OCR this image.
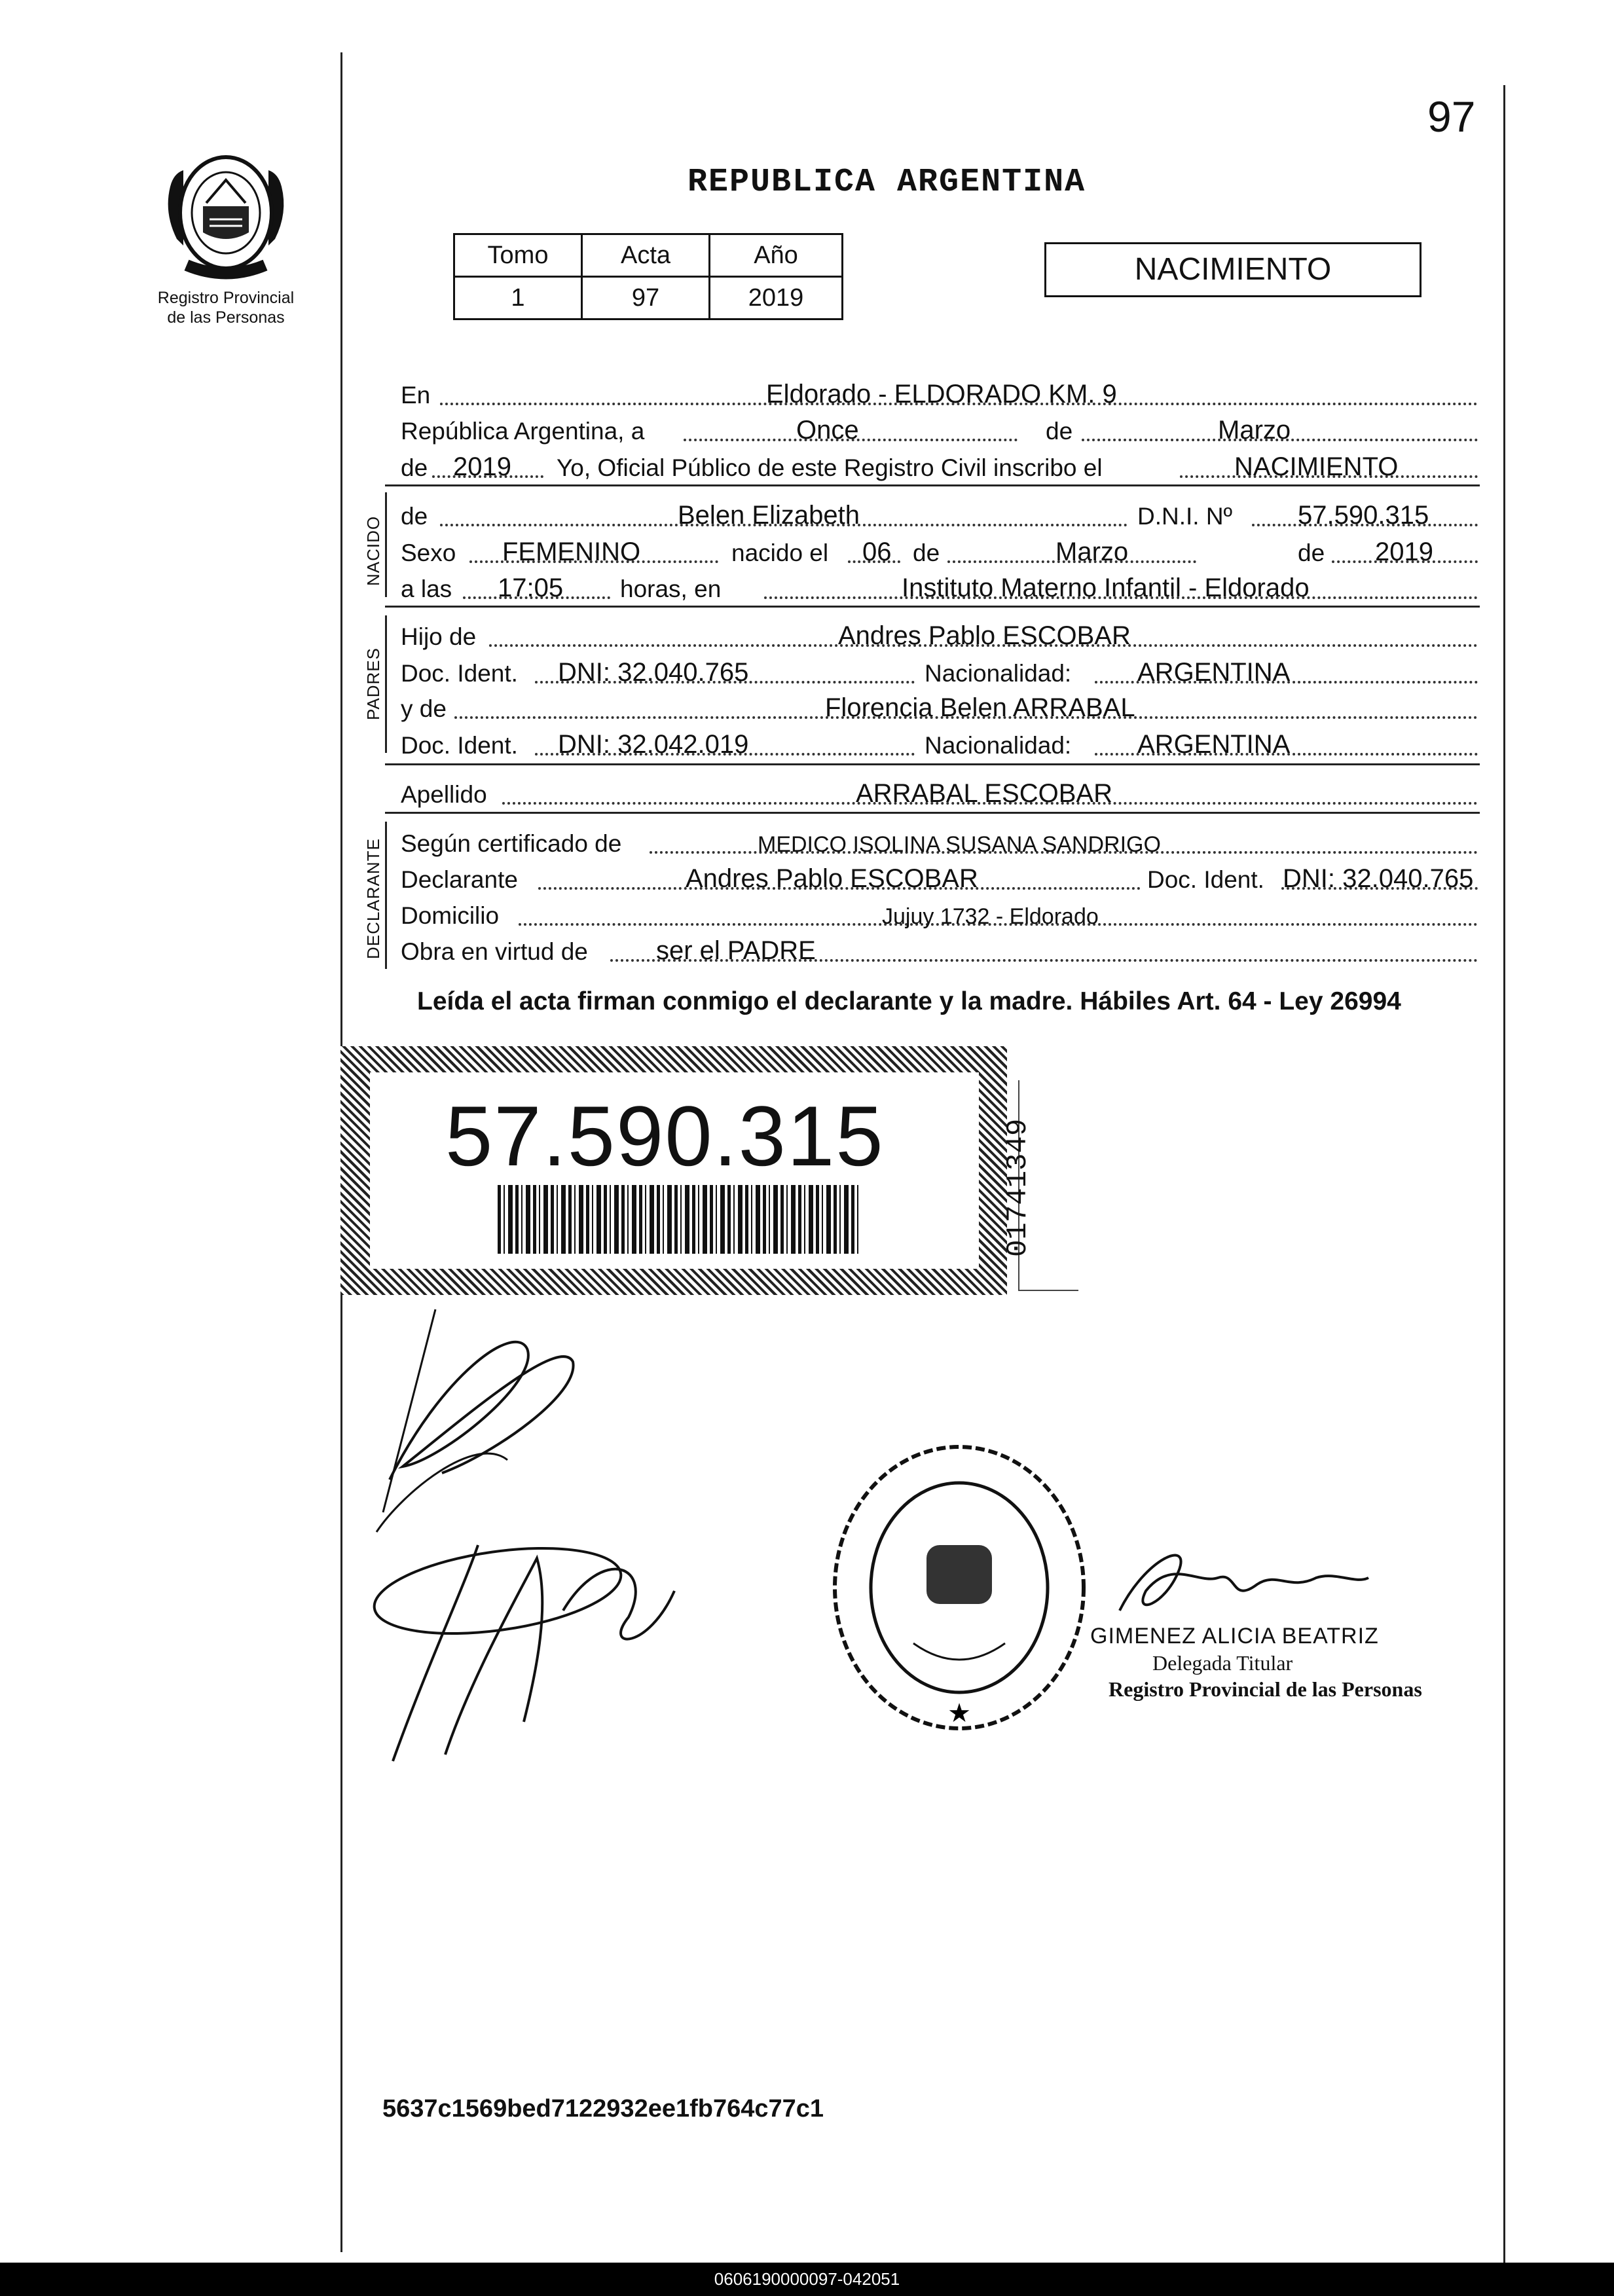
97
Registro Provincial
de las Personas
REPUBLICA ARGENTINA
Tomo	Acta	Año
1	97	2019
NACIMIENTO
En	Eldorado - ELDORADO KM. 9
República Argentina, a	Once	de	Marzo
de 2019 Yo, Oficial Público de este Registro Civil inscribo el	NACIMIENTO
NACIDO de	Belen Elizabeth	D.N.I. Nº 57.590.315
Sexo FEMENINO	nacido el 06 de	Marzo	de 2019
a las 17:05 horas, en	Instituto Materno Infantil - Eldorado
PADRES
Hijo de	Andres Pablo ESCOBAR
Doc. Ident. DNI: 32.040.765	Nacionalidad:	ARGENTINA
y de	Florencia Belen ARRABAL
Doc. Ident. DNI: 32.042.019	Nacionalidad:	ARGENTINA
Apellido	ARRABAL ESCOBAR
DECLARANTE Según certificado de	MEDICO ISOLINA SUSANA SANDRIGO
Declarante	Andres Pablo ESCOBAR	Doc. Ident. DNI: 32.040.765
Domicilio	Jujuy 1732 - Eldorado
Obra en virtud de	ser el PADRE
Leída el acta firman conmigo el declarante y la madre. Hábiles Art. 64 - Ley 26994
57.590.315	01741349
★
GIMENEZ ALICIA BEATRIZ
Delegada Titular
Registro Provincial de las Personas
5637c1569bed7122932ee1fb764c77c1
0606190000097-042051
